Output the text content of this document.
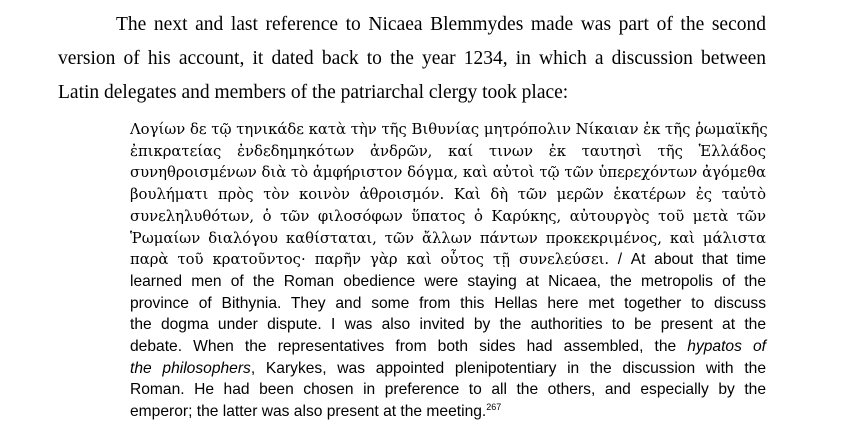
The next and last reference to Nicaea Blemmydes made was part of the second
version of his account, it dated back to the year 1234, in which a discussion between
Latin delegates and members of the patriarchal clergy took place:

Λογίων δε τῷ τηνικάδε κατὰ τὴν τῆς Βιθυνίας μητρόπολιν Νίκαιαν ἐκ τῆς ῥωμαϊκῆς
ἐπικρατείας ἐνδεδημηκότων ἀνδρῶν, καί τινων ἐκ ταυτησὶ τῆς Ἑλλάδος
συνηθροισμένων διὰ τὸ ἀμφήριστον δόγμα, καὶ αὐτοὶ τῷ τῶν ὑπερεχόντων ἀγόμεθα
βουλήματι πρὸς τὸν κοινὸν ἀθροισμόν. Καὶ δὴ τῶν μερῶν ἑκατέρων ἐς ταὐτὸ
συνεληλυθότων, ὁ τῶν φιλοσόφων ὕπατος ὁ Καρύκης, αὐτουργὸς τοῦ μετὰ τῶν
Ῥωμαίων διαλόγου καθίσταται, τῶν ἄλλων πάντων προκεκριμένος, καὶ μάλιστα
παρὰ τοῦ κρατοῦντος· παρῆν γὰρ καὶ οὗτος τῇ συνελεύσει. / At about that time
learned men of the Roman obedience were staying at Nicaea, the metropolis of the
province of Bithynia. They and some from this Hellas here met together to discuss
the dogma under dispute. I was also invited by the authorities to be present at the
debate. When the representatives from both sides had assembled, the hypatos of
the philosophers, Karykes, was appointed plenipotentiary in the discussion with the
Roman. He had been chosen in preference to all the others, and especially by the
emperor; the latter was also present at the meeting.$^{267}$
